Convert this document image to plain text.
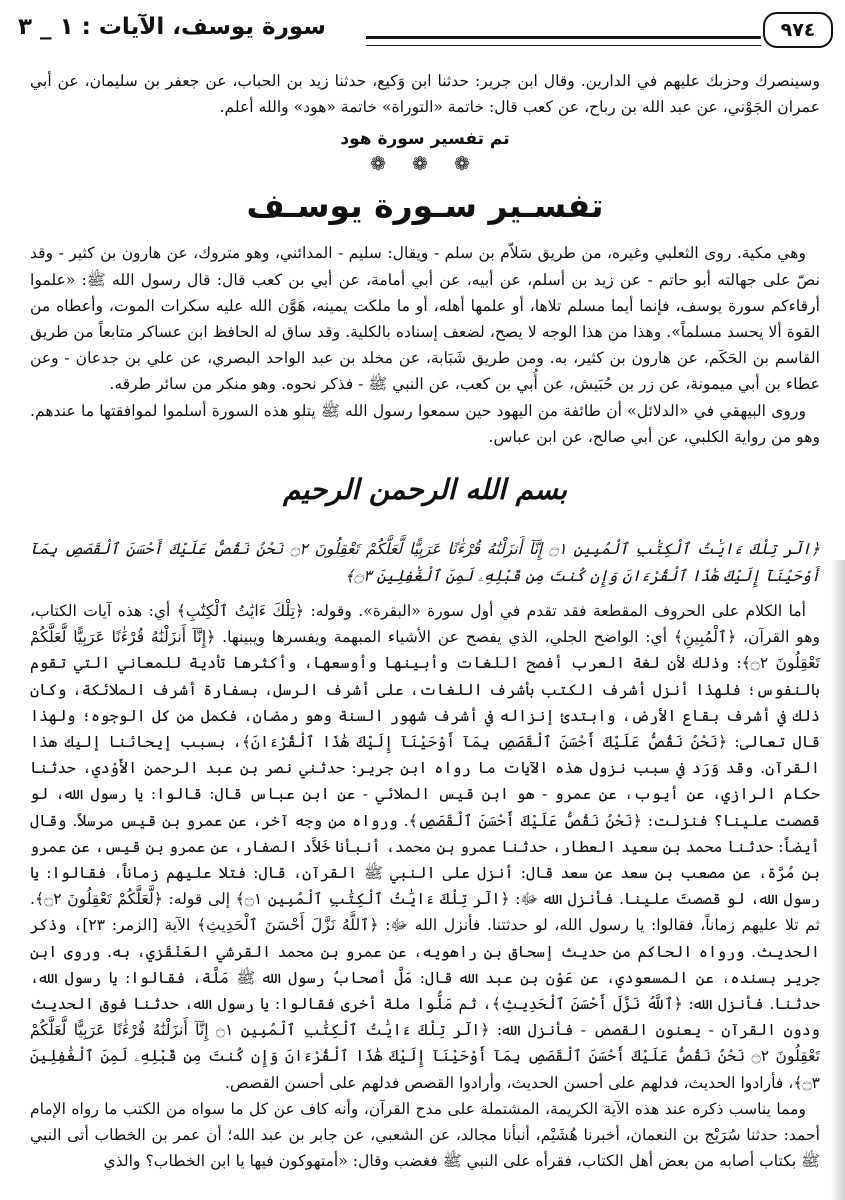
سورة يوسف، الآيات : ١ _ ٣	٩٧٤

وسينصرك وحزبك عليهم في الدارين. وقال ابن جرير: حدثنا ابن وَكيع، حدثنا زيد بن الحباب، عن جعفر بن سليمان، عن أبي عمران الجَوْني، عن عبد الله بن رباح، عن كعب قال: خاتمة «التوراة» خاتمة «هود» والله أعلم.

تم تفسير سورة هود
❁ ❁ ❁
تفسـير سـورة يوسـف

وهي مكية. روى الثعلبي وغيره، من طريق سَلاّم بن سلم - ويقال: سليم - المدائني، وهو متروك، عن هارون بن كثير - وقد نصّ على جهالته أبو حاتم - عن زيد بن أسلم، عن أبيه، عن أبي أمامة، عن أبي بن كعب قال: قال رسول الله ﷺ: «علموا أرقاءكم سورة يوسف، فإنما أيما مسلم تلاها، أو علمها أهله، أو ما ملكت يمينه، هَوَّن الله عليه سكرات الموت، وأعطاه من القوة ألا يحسد مسلماً». وهذا من هذا الوجه لا يصح، لضعف إسناده بالكلية. وقد ساق له الحافظ ابن عساكر متابعاً من طريق القاسم بن الحَكَم، عن هارون بن كثير، به. ومن طريق شَبَابة، عن مخلد بن عبد الواحد البصري، عن علي بن جدعان - وعن عطاء بن أبي ميمونة، عن زر بن حُبَيش، عن أُبي بن كعب، عن النبي ﷺ - فذكر نحوه. وهو منكر من سائر طرقه.

وروى البيهقي في «الدلائل» أن طائفة من اليهود حين سمعوا رسول الله ﷺ يتلو هذه السورة أسلموا لموافقتها ما عندهم. وهو من رواية الكلبي، عن أبي صالح، عن ابن عباس.

بسم الله الرحمن الرحيم
﴿الٓر تِلْكَ ءَايَٰتُ ٱلْكِتَٰبِ ٱلْمُبِينِ ۝١ إِنَّآ أَنزَلْنَٰهُ قُرْءَٰنًا عَرَبِيًّا لَّعَلَّكُمْ تَعْقِلُونَ ۝٢ نَحْنُ نَقُصُّ عَلَيْكَ أَحْسَنَ ٱلْقَصَصِ بِمَآ أَوْحَيْنَآ إِلَيْكَ هَٰذَا ٱلْقُرْءَانَ وَإِن كُنتَ مِن قَبْلِهِۦ لَمِنَ ٱلْغَٰفِلِينَ ۝٣﴾

أما الكلام على الحروف المقطعة فقد تقدم في أول سورة «البقرة». وقوله: ﴿تِلْكَ ءَايَٰتُ ٱلْكِتَٰبِ﴾ أي: هذه آيات الكتاب، وهو القرآن، ﴿ٱلْمُبِينِ﴾ أي: الواضح الجلي، الذي يفصح عن الأشياء المبهمة ويفسرها ويبينها. ﴿إِنَّآ أَنزَلْنَٰهُ قُرْءَٰنًا عَرَبِيًّا لَّعَلَّكُمْ تَعْقِلُونَ ۝٢﴾: وذلك لأن لغة العرب أفصح اللغات وأبينها وأوسعها، وأكثرها تأدية للمعاني التي تقوم بالنفوس؛ فلهذا أنزل أشرف الكتب بأشرف اللغات، على أشرف الرسل، بسفارة أشرف الملائكة، وكان ذلك في أشرف بقاع الأرض، وابتدئ إنزاله في أشرف شهور السنة وهو رمضان، فكمل من كل الوجوه؛ ولهذا قال تعالى: ﴿نَحْنُ نَقُصُّ عَلَيْكَ أَحْسَنَ ٱلْقَصَصِ بِمَآ أَوْحَيْنَآ إِلَيْكَ هَٰذَا ٱلْقُرْءَانَ﴾، بسبب إيحائنا إليك هذا القرآن. وقد وَرَد في سبب نزول هذه الآيات ما رواه ابن جرير: حدثني نصر بن عبد الرحمن الأَوْدي، حدثنا حكام الرازي، عن أيوب، عن عمرو - هو ابن قيس الملائي - عن ابن عباس قال: قالوا: يا رسول الله، لو قصصت علينا؟ فنزلت: ﴿نَحْنُ نَقُصُّ عَلَيْكَ أَحْسَنَ ٱلْقَصَصِ﴾. ورواه من وجه آخر، عن عمرو بن قيس مرسلاً. وقال أيضاً: حدثنا محمد بن سعيد العطار، حدثنا عمرو بن محمد، أنبأنا خَلاَّد الصفار، عن عمرو بن قيس، عن عمرو بن مُرَّة، عن مصعب بن سعد عن سعد قال: أنزل على النبي ﷺ القرآن، قال: فتلا عليهم زماناً، فقالوا: يا رسول الله، لو قصصتَ علينا. فأنزل الله ﷻ: ﴿الٓر تِلْكَ ءَايَٰتُ ٱلْكِتَٰبِ ٱلْمُبِينِ ۝١﴾ إلى قوله: ﴿لَّعَلَّكُمْ تَعْقِلُونَ ۝٢﴾. ثم تلا عليهم زماناً، فقالوا: يا رسول الله، لو حدثتنا. فأنزل الله ﷻ: ﴿ٱللَّهُ نَزَّلَ أَحْسَنَ ٱلْحَدِيثِ﴾ الآية [الزمر: ٢٣]، وذكر الحديث. ورواه الحاكم من حديث إسحاق بن راهويه، عن عمرو بن محمد القرشي العَنْقَزي، به. وروى ابن جرير بسنده، عن المسعودي، عن عَوْن بن عبد الله قال: مَلَّ أصحابُ رسول الله ﷺ مَلَّة، فقالوا: يا رسول الله، حدثنا. فأنزل الله: ﴿ٱللَّهُ نَزَّلَ أَحْسَنَ ٱلْحَدِيثِ﴾، ثم مَلُّوا ملة أخرى فقالوا: يا رسول الله، حدثنا فوق الحديث ودون القرآن - يعنون القصص - فأنزل الله: ﴿الٓر تِلْكَ ءَايَٰتُ ٱلْكِتَٰبِ ٱلْمُبِينِ ۝١ إِنَّآ أَنزَلْنَٰهُ قُرْءَٰنًا عَرَبِيًّا لَّعَلَّكُمْ تَعْقِلُونَ ۝٢ نَحْنُ نَقُصُّ عَلَيْكَ أَحْسَنَ ٱلْقَصَصِ بِمَآ أَوْحَيْنَآ إِلَيْكَ هَٰذَا ٱلْقُرْءَانَ وَإِن كُنتَ مِن قَبْلِهِۦ لَمِنَ ٱلْغَٰفِلِينَ ۝٣﴾، فأرادوا الحديث، فدلهم على أحسن الحديث، وأرادوا القصص فدلهم على أحسن القصص.

ومما يناسب ذكره عند هذه الآية الكريمة، المشتملة على مدح القرآن، وأنه كاف عن كل ما سواه من الكتب ما رواه الإمام أحمد: حدثنا سُرَيْج بن النعمان، أخبرنا هُشَيْم، أنبأنا مجالد، عن الشعبي، عن جابر بن عبد الله؛ أن عمر بن الخطاب أتى النبي ﷺ بكتاب أصابه من بعض أهل الكتاب، فقرأه على النبي ﷺ فغضب وقال: «أمتهوكون فيها يا ابن الخطاب؟ والذي
